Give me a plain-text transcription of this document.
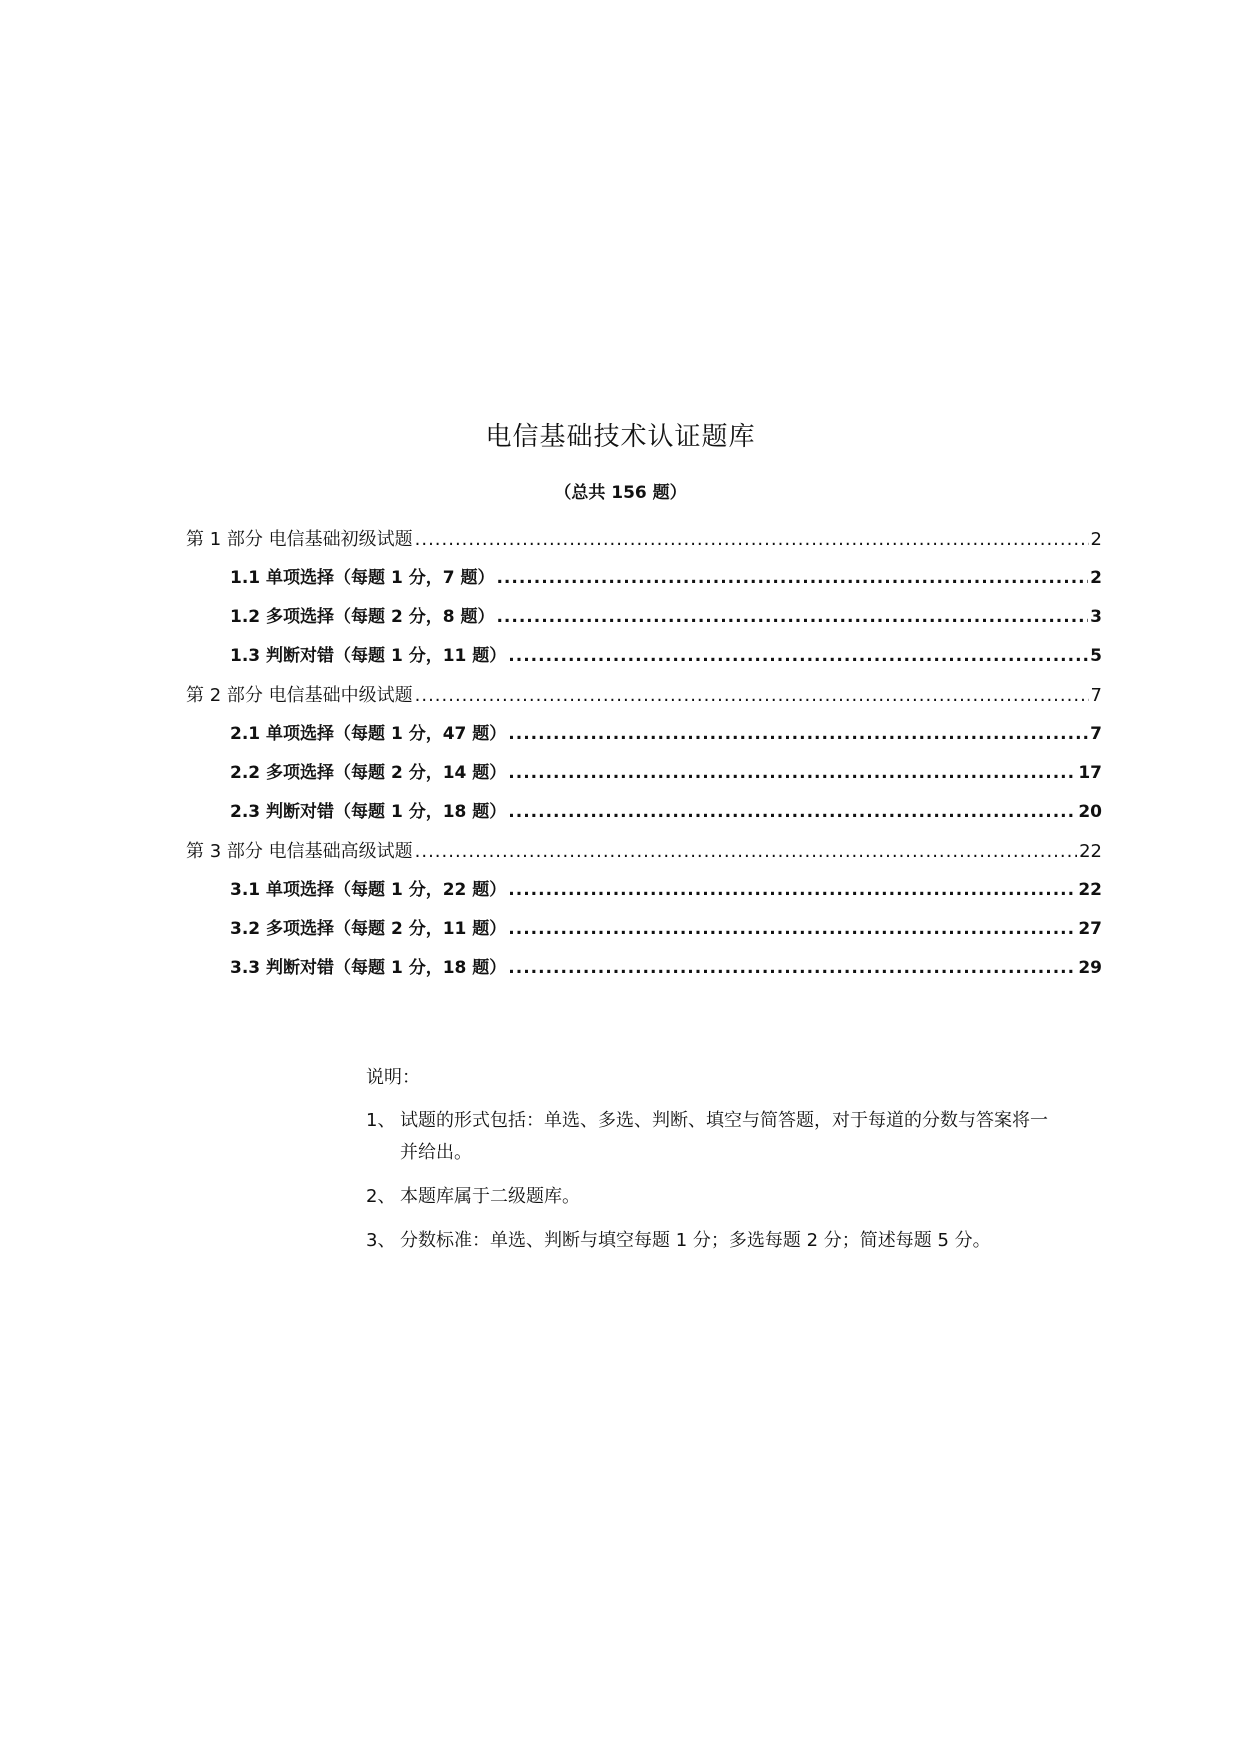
电信基础技术认证题库
（总共 156 题）
第 1 部分 电信基础初级试题 .....	2
1.1 单项选择（每题 1 分，7 题） .....	2
1.2 多项选择（每题 2 分，8 题） .....	3
1.3 判断对错（每题 1 分，11 题） .....	5
第 2 部分 电信基础中级试题 .....	7
2.1 单项选择（每题 1 分，47 题） .....	7
2.2 多项选择（每题 2 分，14 题） .....	17
2.3 判断对错（每题 1 分，18 题） .....	20
第 3 部分 电信基础高级试题 .....	22
3.1 单项选择（每题 1 分，22 题） .....	22
3.2 多项选择（每题 2 分，11 题） .....	27
3.3 判断对错（每题 1 分，18 题） .....	29
说明：
1、 试题的形式包括：单选、多选、判断、填空与简答题，对于每道的分数与答案将一并给出。
2、 本题库属于二级题库。
3、 分数标准：单选、判断与填空每题 1 分；多选每题 2 分；简述每题 5 分。
